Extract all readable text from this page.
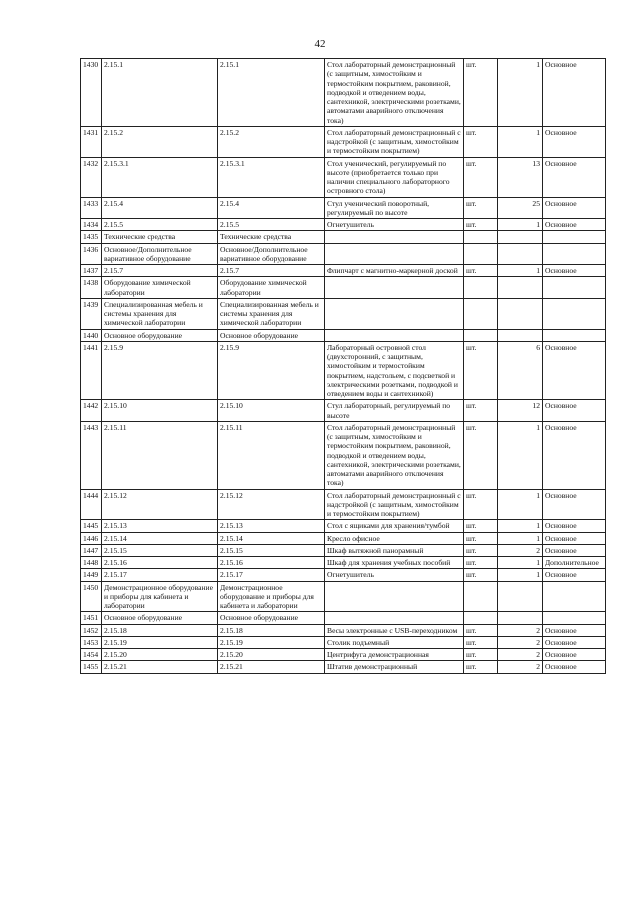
42
1430	2.15.1	2.15.1	Стол лабораторный демонстрационный (с защитным, химостойким и термостойким покрытием, раковиной, подводкой и отведением воды, сантехникой, электрическими розетками, автоматами аварийного отключения тока)	шт.	1	Основное
1431	2.15.2	2.15.2	Стол лабораторный демонстрационный с надстройкой (с защитным, химостойким и термостойким покрытием)	шт.	1	Основное
1432	2.15.3.1	2.15.3.1	Стол ученический, регулируемый по высоте (приобретается только при наличии специального лабораторного островного стола)	шт.	13	Основное
1433	2.15.4	2.15.4	Стул ученический поворотный, регулируемый по высоте	шт.	25	Основное
1434	2.15.5	2.15.5	Огнетушитель	шт.	1	Основное
1435	Технические средства	Технические средства				
1436	Основное/Дополнительное вариативное оборудование	Основное/Дополнительное вариативное оборудование				
1437	2.15.7	2.15.7	Флипчарт с магнитно-маркерной доской	шт.	1	Основное
1438	Оборудование химической лаборатории	Оборудование химической лаборатории				
1439	Специализированная мебель и системы хранения для химической лаборатории	Специализированная мебель и системы хранения для химической лаборатории				
1440	Основное оборудование	Основное оборудование				
1441	2.15.9	2.15.9	Лабораторный островной стол (двухсторонний, с защитным, химостойким и термостойким покрытием, надстольем, с подсветкой и электрическими розетками, подводкой и отведением воды и сантехникой)	шт.	6	Основное
1442	2.15.10	2.15.10	Стул лабораторный, регулируемый по высоте	шт.	12	Основное
1443	2.15.11	2.15.11	Стол лабораторный демонстрационный (с защитным, химостойким и термостойким покрытием, раковиной, подводкой и отведением воды, сантехникой, электрическими розетками, автоматами аварийного отключения тока)	шт.	1	Основное
1444	2.15.12	2.15.12	Стол лабораторный демонстрационный с надстройкой (с защитным, химостойким и термостойким покрытием)	шт.	1	Основное
1445	2.15.13	2.15.13	Стол с ящиками для хранения/тумбой	шт.	1	Основное
1446	2.15.14	2.15.14	Кресло офисное	шт.	1	Основное
1447	2.15.15	2.15.15	Шкаф вытяжной панорамный	шт.	2	Основное
1448	2.15.16	2.15.16	Шкаф для хранения учебных пособий	шт.	1	Дополнительное
1449	2.15.17	2.15.17	Огнетушитель	шт.	1	Основное
1450	Демонстрационное оборудование и приборы для кабинета и лаборатории	Демонстрационное оборудование и приборы для кабинета и лаборатории				
1451	Основное оборудование	Основное оборудование				
1452	2.15.18	2.15.18	Весы электронные с USB-переходником	шт.	2	Основное
1453	2.15.19	2.15.19	Столик подъемный	шт.	2	Основное
1454	2.15.20	2.15.20	Центрифуга демонстрационная	шт.	2	Основное
1455	2.15.21	2.15.21	Штатив демонстрационный	шт.	2	Основное
